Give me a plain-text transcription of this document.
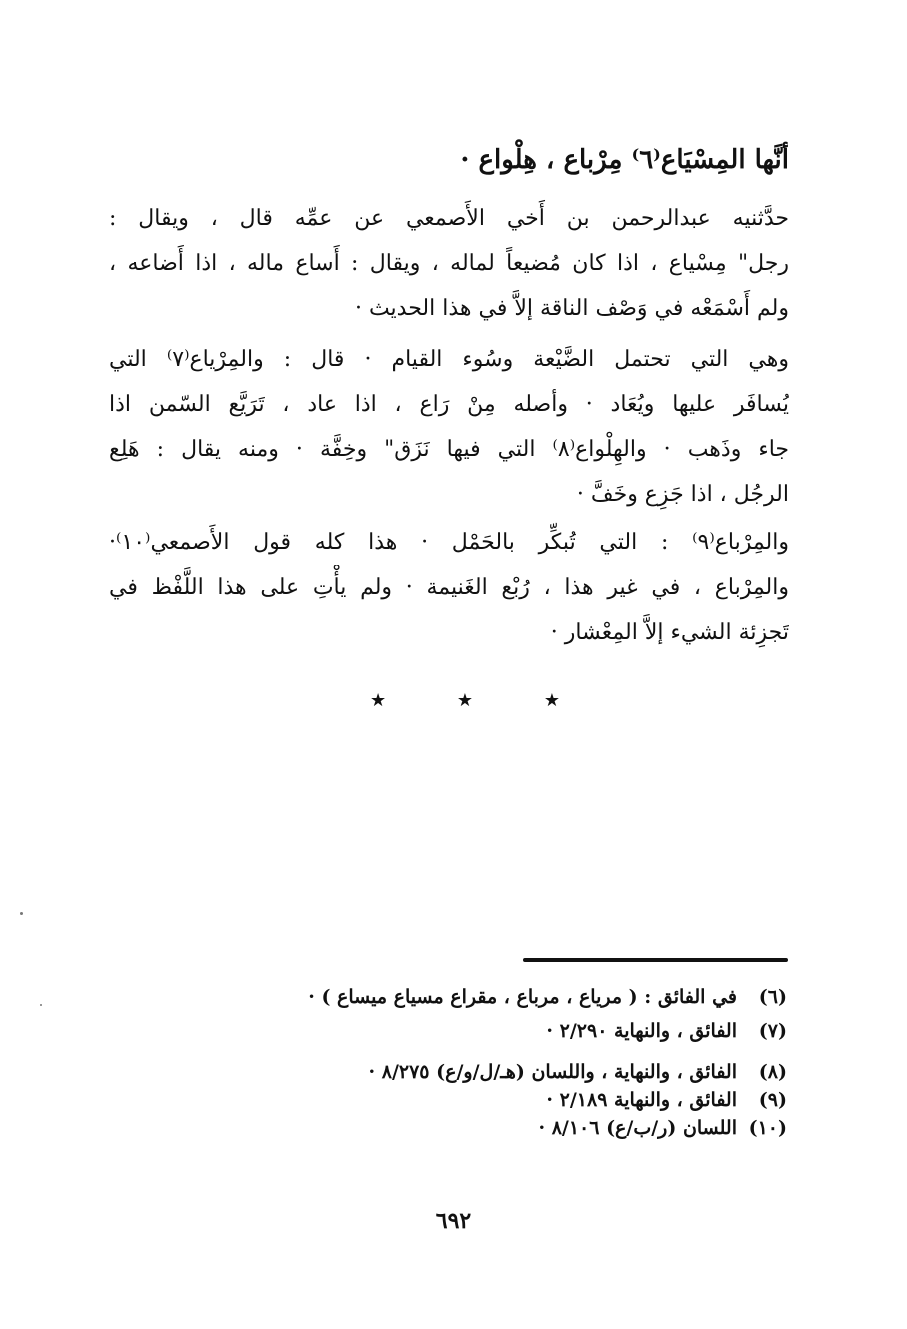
أنَّها المِسْيَاع⁽٦⁾ مِرْباع ، هِلْواع ·
حدَّثنيه عبدالرحمن بن أَخي الأَصمعي عن عمِّه قال ، ويقال :
رجل" مِسْياع ، اذا كان مُضيعاً لماله ، ويقال : أَساع ماله ، اذا أَضاعه ،
ولم أَسْمَعْه في وَصْف الناقة إلاَّ في هذا الحديث ·
وهي التي تحتمل الضَّيْعة وسُوء القيام · قال : والمِرْياع⁽٧⁾ التي
يُسافَر عليها ويُعَاد · وأصله مِنْ رَاع ، اذا عاد ، تَرَيَّع السّمن اذا
جاء وذَهب · والهِلْواع⁽٨⁾ التي فيها نَزَق" وخِفَّة · ومنه يقال : هَلِع
الرجُل ، اذا جَزِع وخَفَّ ·
والمِرْباع⁽٩⁾ : التي تُبكِّر بالحَمْل · هذا كله قول الأَصمعي⁽١٠⁾·
والمِرْباع ، في غير هذا ، رُبْع الغَنيمة · ولم يأْتِ على هذا اللَّفْظ في
تَجزِئة الشيء إلاَّ المِعْشار ·
★	★	★
(٦)
في الفائق : ( مرياع ، مرباع ، مقراع مسياع ميساع ) ·
(٧)
الفائق ، والنهاية ٢/٢٩٠ ·
(٨)
الفائق ، والنهاية ، واللسان (هـ/ل/و/ع) ٨/٢٧٥ ·
(٩)
الفائق ، والنهاية ٢/١٨٩ ·
(١٠)
اللسان (ر/ب/ع) ٨/١٠٦ ·
٦٩٢
